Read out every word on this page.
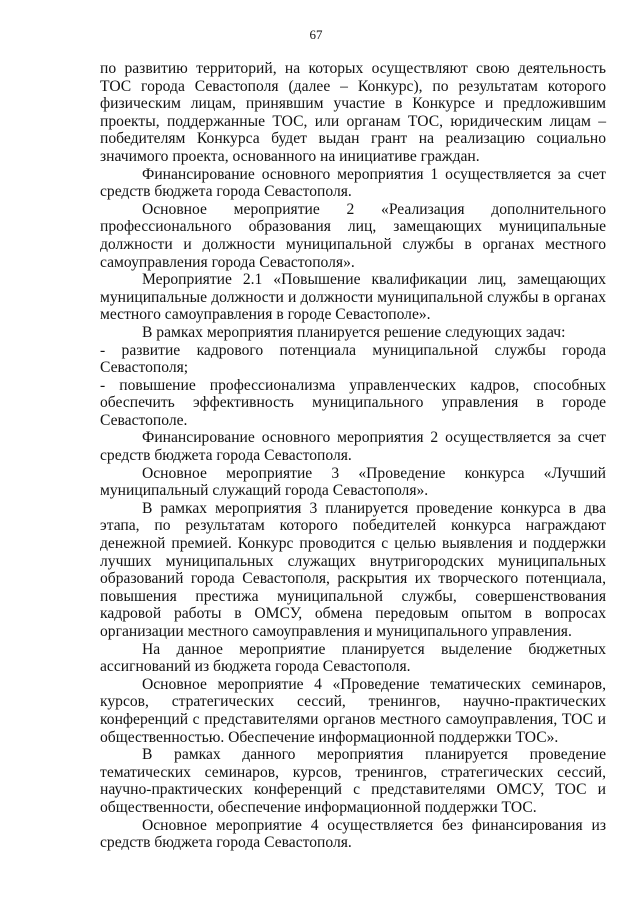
67

по развитию территорий, на которых осуществляют свою деятельность ТОС города Севастополя (далее – Конкурс), по результатам которого физическим лицам, принявшим участие в Конкурсе и предложившим проекты, поддержанные ТОС, или органам ТОС, юридическим лицам – победителям Конкурса будет выдан грант на реализацию социально значимого проекта, основанного на инициативе граждан.

Финансирование основного мероприятия 1 осуществляется за счет средств бюджета города Севастополя.

Основное мероприятие 2 «Реализация дополнительного профессионального образования лиц, замещающих муниципальные должности и должности муниципальной службы в органах местного самоуправления города Севастополя».

Мероприятие 2.1 «Повышение квалификации лиц, замещающих муниципальные должности и должности муниципальной службы в органах местного самоуправления в городе Севастополе».

В рамках мероприятия планируется решение следующих задач:

- развитие кадрового потенциала муниципальной службы города Севастополя;

- повышение профессионализма управленческих кадров, способных обеспечить эффективность муниципального управления в городе Севастополе.

Финансирование основного мероприятия 2 осуществляется за счет средств бюджета города Севастополя.

Основное мероприятие 3 «Проведение конкурса «Лучший муниципальный служащий города Севастополя».

В рамках мероприятия 3 планируется проведение конкурса в два этапа, по результатам которого победителей конкурса награждают денежной премией. Конкурс проводится с целью выявления и поддержки лучших муниципальных служащих внутригородских муниципальных образований города Севастополя, раскрытия их творческого потенциала, повышения престижа муниципальной службы, совершенствования кадровой работы в ОМСУ, обмена передовым опытом в вопросах организации местного самоуправления и муниципального управления.

На данное мероприятие планируется выделение бюджетных ассигнований из бюджета города Севастополя.

Основное мероприятие 4 «Проведение тематических семинаров, курсов, стратегических сессий, тренингов, научно-практических конференций с представителями органов местного самоуправления, ТОС и общественностью. Обеспечение информационной поддержки ТОС».

В рамках данного мероприятия планируется проведение тематических семинаров, курсов, тренингов, стратегических сессий, научно-практических конференций с представителями ОМСУ, ТОС и общественности, обеспечение информационной поддержки ТОС.

Основное мероприятие 4 осуществляется без финансирования из средств бюджета города Севастополя.
